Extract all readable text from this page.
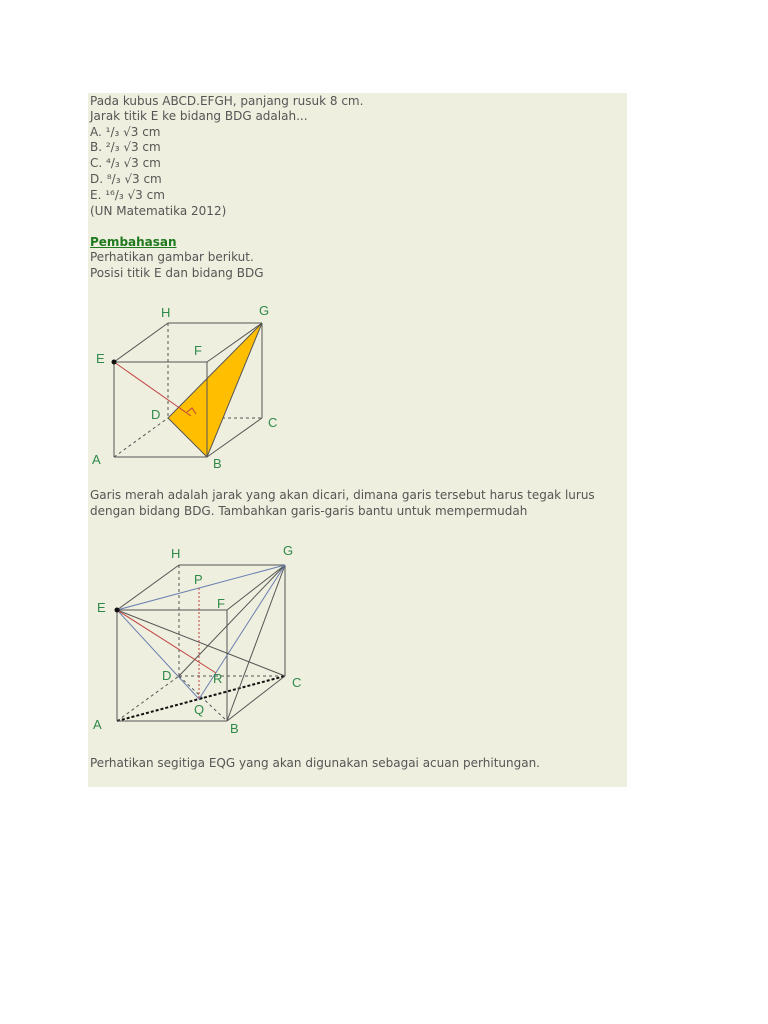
Pada kubus ABCD.EFGH, panjang rusuk 8 cm.
Jarak titik E ke bidang BDG adalah...
A. ¹/₃ √3 cm
B. ²/₃ √3 cm
C. ⁴/₃ √3 cm
D. ⁸/₃ √3 cm
E. ¹⁶/₃ √3 cm
(UN Matematika 2012)
Pembahasan
Perhatikan gambar berikut.
Posisi titik E dan bidang BDG
Garis merah adalah jarak yang akan dicari, dimana garis tersebut harus tegak lurus
dengan bidang BDG. Tambahkan garis-garis bantu untuk mempermudah
Perhatikan segitiga EQG yang akan digunakan sebagai acuan perhitungan.
H	G
E
F
D
C
A	B
H	G
P
E	F
D	R	C
Q
A	B
